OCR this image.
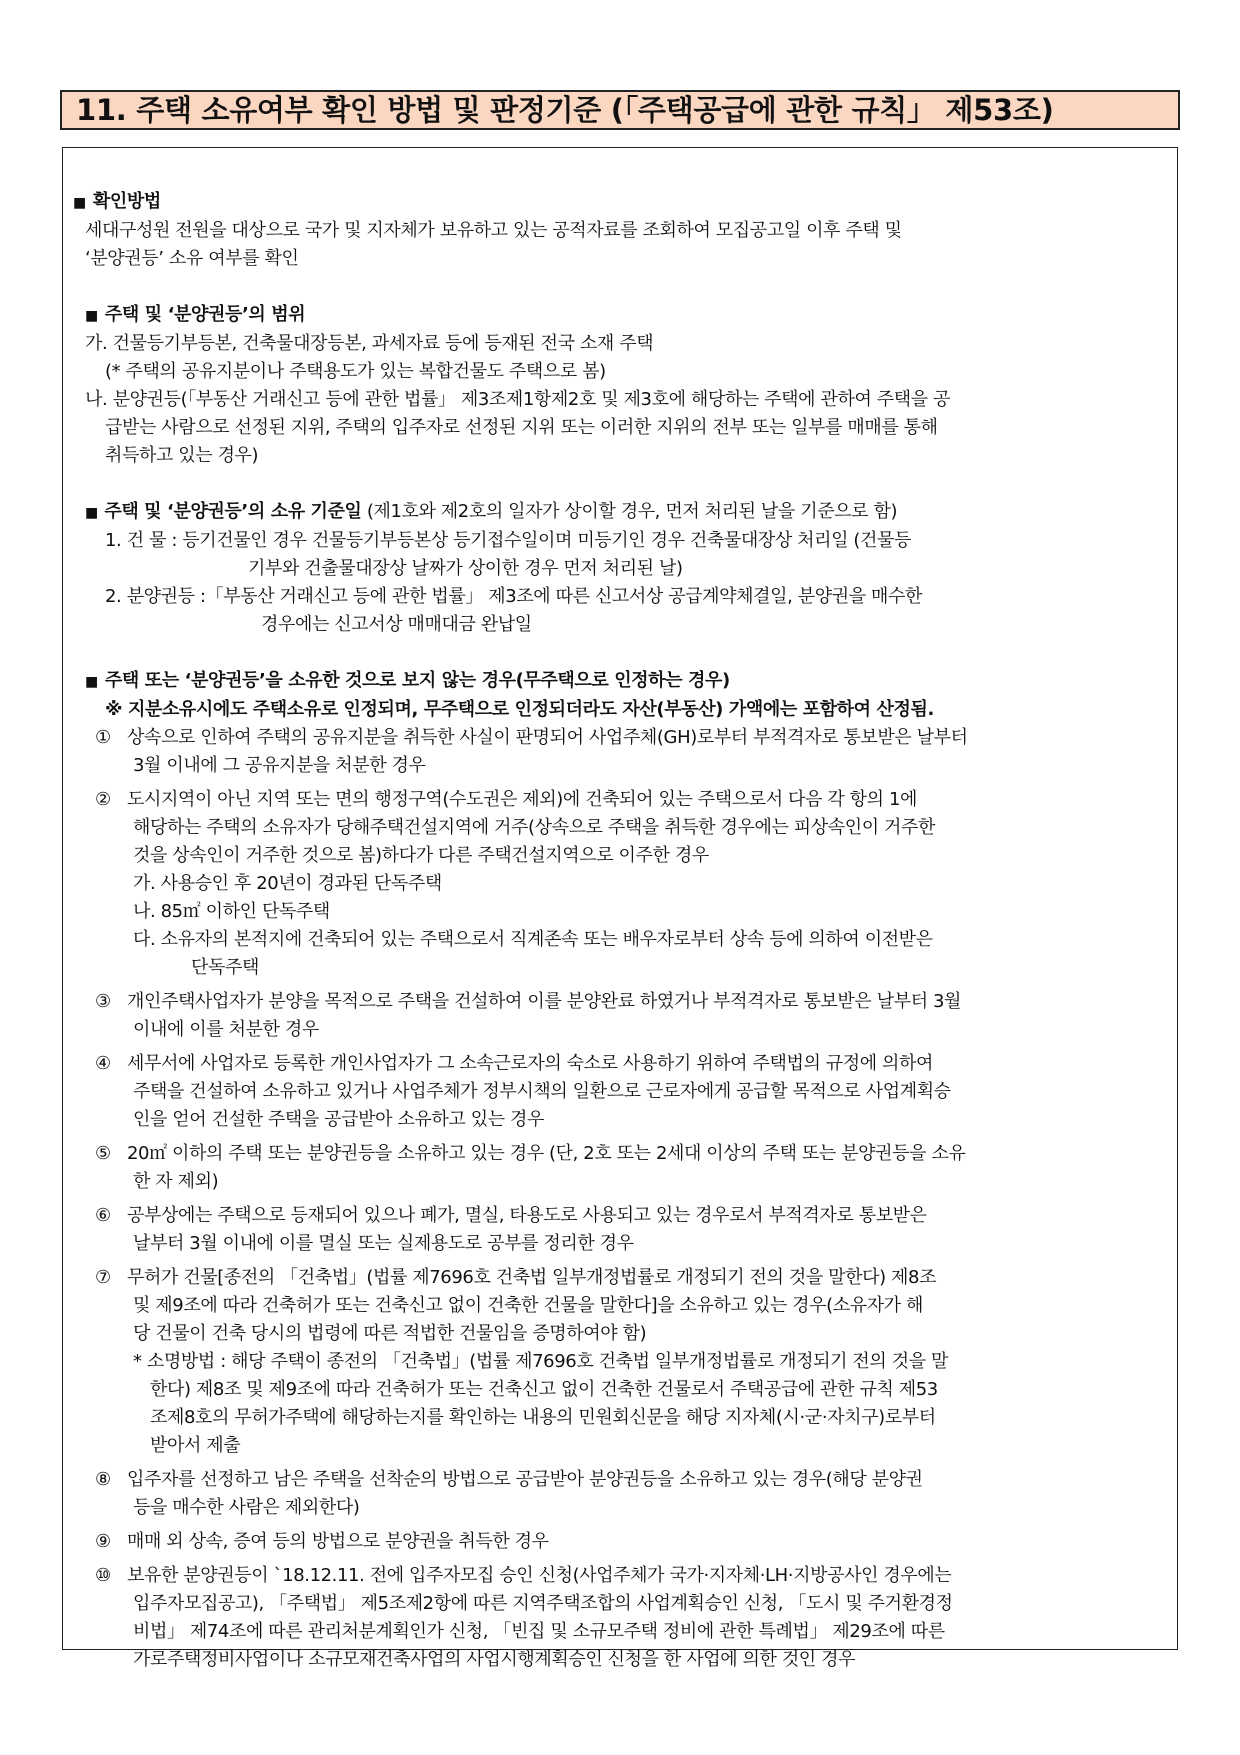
11. 주택 소유여부 확인 방법 및 판정기준 (「주택공급에 관한 규칙」 제53조)
■ 확인방법
세대구성원 전원을 대상으로 국가 및 지자체가 보유하고 있는 공적자료를 조회하여 모집공고일 이후 주택 및
‘분양권등’ 소유 여부를 확인
■ 주택 및 ‘분양권등’의 범위
가. 건물등기부등본, 건축물대장등본, 과세자료 등에 등재된 전국 소재 주택
(* 주택의 공유지분이나 주택용도가 있는 복합건물도 주택으로 봄)
나. 분양권등(「부동산 거래신고 등에 관한 법률」 제3조제1항제2호 및 제3호에 해당하는 주택에 관하여 주택을 공
급받는 사람으로 선정된 지위, 주택의 입주자로 선정된 지위 또는 이러한 지위의 전부 또는 일부를 매매를 통해
취득하고 있는 경우)
■ 주택 및 ‘분양권등’의 소유 기준일 (제1호와 제2호의 일자가 상이할 경우, 먼저 처리된 날을 기준으로 함)
1. 건 물 : 등기건물인 경우 건물등기부등본상 등기접수일이며 미등기인 경우 건축물대장상 처리일 (건물등
기부와 건출물대장상 날짜가 상이한 경우 먼저 처리된 날)
2. 분양권등 :「부동산 거래신고 등에 관한 법률」 제3조에 따른 신고서상 공급계약체결일, 분양권을 매수한
경우에는 신고서상 매매대금 완납일
■ 주택 또는 ‘분양권등’을 소유한 것으로 보지 않는 경우(무주택으로 인정하는 경우)
※ 지분소유시에도 주택소유로 인정되며, 무주택으로 인정되더라도 자산(부동산) 가액에는 포함하여 산정됨.
① 상속으로 인하여 주택의 공유지분을 취득한 사실이 판명되어 사업주체(GH)로부터 부적격자로 통보받은 날부터
3월 이내에 그 공유지분을 처분한 경우
② 도시지역이 아닌 지역 또는 면의 행정구역(수도권은 제외)에 건축되어 있는 주택으로서 다음 각 항의 1에
해당하는 주택의 소유자가 당해주택건설지역에 거주(상속으로 주택을 취득한 경우에는 피상속인이 거주한
것을 상속인이 거주한 것으로 봄)하다가 다른 주택건설지역으로 이주한 경우
가. 사용승인 후 20년이 경과된 단독주택
나. 85㎡ 이하인 단독주택
다. 소유자의 본적지에 건축되어 있는 주택으로서 직계존속 또는 배우자로부터 상속 등에 의하여 이전받은
단독주택
③ 개인주택사업자가 분양을 목적으로 주택을 건설하여 이를 분양완료 하였거나 부적격자로 통보받은 날부터 3월
이내에 이를 처분한 경우
④ 세무서에 사업자로 등록한 개인사업자가 그 소속근로자의 숙소로 사용하기 위하여 주택법의 규정에 의하여
주택을 건설하여 소유하고 있거나 사업주체가 정부시책의 일환으로 근로자에게 공급할 목적으로 사업계획승
인을 얻어 건설한 주택을 공급받아 소유하고 있는 경우
⑤ 20㎡ 이하의 주택 또는 분양권등을 소유하고 있는 경우 (단, 2호 또는 2세대 이상의 주택 또는 분양권등을 소유
한 자 제외)
⑥ 공부상에는 주택으로 등재되어 있으나 폐가, 멸실, 타용도로 사용되고 있는 경우로서 부적격자로 통보받은
날부터 3월 이내에 이를 멸실 또는 실제용도로 공부를 정리한 경우
⑦ 무허가 건물[종전의 「건축법」(법률 제7696호 건축법 일부개정법률로 개정되기 전의 것을 말한다) 제8조
및 제9조에 따라 건축허가 또는 건축신고 없이 건축한 건물을 말한다]을 소유하고 있는 경우(소유자가 해
당 건물이 건축 당시의 법령에 따른 적법한 건물임을 증명하여야 함)
* 소명방법 : 해당 주택이 종전의 「건축법」(법률 제7696호 건축법 일부개정법률로 개정되기 전의 것을 말
한다) 제8조 및 제9조에 따라 건축허가 또는 건축신고 없이 건축한 건물로서 주택공급에 관한 규칙 제53
조제8호의 무허가주택에 해당하는지를 확인하는 내용의 민원회신문을 해당 지자체(시·군·자치구)로부터
받아서 제출
⑧ 입주자를 선정하고 남은 주택을 선착순의 방법으로 공급받아 분양권등을 소유하고 있는 경우(해당 분양권
등을 매수한 사람은 제외한다)
⑨ 매매 외 상속, 증여 등의 방법으로 분양권을 취득한 경우
⑩ 보유한 분양권등이 `18.12.11. 전에 입주자모집 승인 신청(사업주체가 국가·지자체·LH·지방공사인 경우에는
입주자모집공고), 「주택법」 제5조제2항에 따른 지역주택조합의 사업계획승인 신청, 「도시 및 주거환경정
비법」 제74조에 따른 관리처분계획인가 신청, 「빈집 및 소규모주택 정비에 관한 특례법」 제29조에 따른
가로주택정비사업이나 소규모재건축사업의 사업시행계획승인 신청을 한 사업에 의한 것인 경우
